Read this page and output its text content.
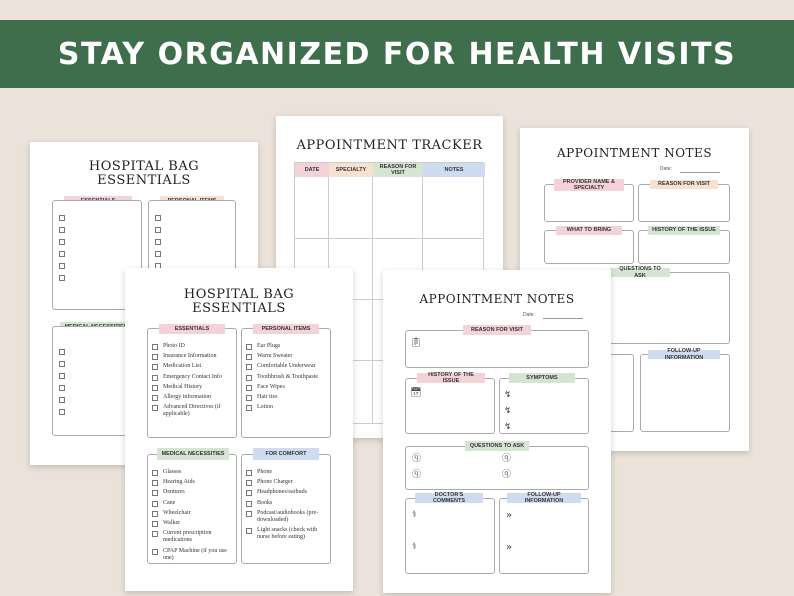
STAY ORGANIZED FOR HEALTH VISITS
HOSPITAL BAG
ESSENTIALS
APPOINTMENT TRACKER
DATE	SPECIALTY
REASON FOR VISIT
NOTES
APPOINTMENT NOTES
Date:
PROVIDER NAME & SPECIALTY
REASON FOR VISIT
WHAT TO BRING	HISTORY OF THE ISSUE
QUESTIONS TO ASK
FOLLOW-UP INFORMATION
HOSPITAL BAG
ESSENTIALS
Photo ID
Insurance Information
Medication List
Emergency Contact Info
Medical History
Allergy information
Advanced Directives (if applicable)
ESSENTIALS
Ear Plugs
Warm Sweater
Comfortable Underwear
Toothbrush & Toothpaste
Face Wipes
Hair ties
Lotion
PERSONAL ITEMS
Glasses
Hearing Aids
Dentures
Cane
Wheelchair
Walker
Current prescription medications
CPAP Machine (if you use one)
MEDICAL NECESSITIES
Phone
Phone Charger
Headphones/earbuds
Books
Podcast/audiobooks (pre-downloaded)
Light snacks (check with nurse before eating)
FOR COMFORT
APPOINTMENT NOTES
Date:
📋︎
REASON FOR VISIT
📅︎
HISTORY OF THE ISSUE
↯
↯
↯
SYMPTOMS
ⓠ
ⓠ
ⓠ
ⓠ
QUESTIONS TO ASK
⚕
⚕
DOCTOR'S COMMENTS
»
»
FOLLOW-UP INFORMATION
